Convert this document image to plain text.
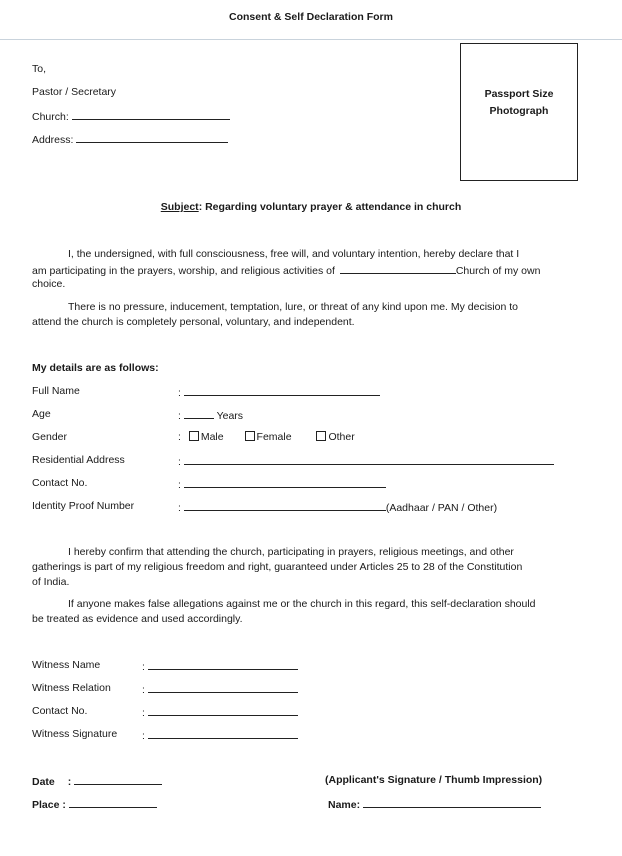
Consent & Self Declaration Form
To,
Pastor / Secretary
Church:
Address:
Passport Size
Photograph
Subject: Regarding voluntary prayer & attendance in church
I, the undersigned, with full consciousness, free will, and voluntary intention, hereby declare that I
am participating in the prayers, worship, and religious activities of	Church of my own
choice.
There is no pressure, inducement, temptation, lure, or threat of any kind upon me. My decision to
attend the church is completely personal, voluntary, and independent.
My details are as follows:
Full Name	:
Age	:	Years
Gender	: Male	Female	Other
Residential Address	:
Contact No.	:
Identity Proof Number	:	(Aadhaar / PAN / Other)
I hereby confirm that attending the church, participating in prayers, religious meetings, and other
gatherings is part of my religious freedom and right, guaranteed under Articles 25 to 28 of the Constitution
of India.
If anyone makes false allegations against me or the church in this regard, this self-declaration should
be treated as evidence and used accordingly.
Witness Name	:
Witness Relation	:
Contact No.	:
Witness Signature :
Date :
Place :
(Applicant's Signature / Thumb Impression)
Name:
